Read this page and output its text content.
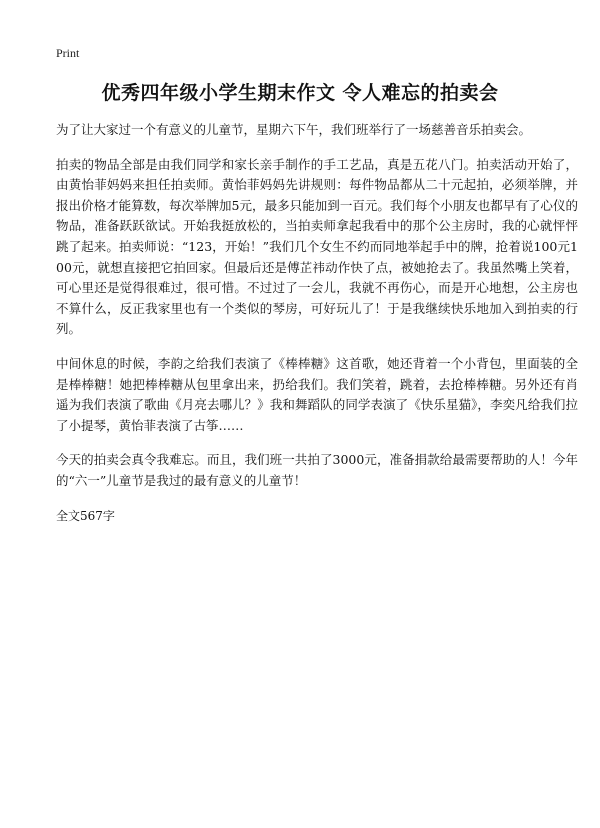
Print
优秀四年级小学生期末作文 令人难忘的拍卖会

为了让大家过一个有意义的儿童节，星期六下午，我们班举行了一场慈善音乐拍卖会。

拍卖的物品全部是由我们同学和家长亲手制作的手工艺品，真是五花八门。拍卖活动开始了，由黄怡菲妈妈来担任拍卖师。黄怡菲妈妈先讲规则：每件物品都从二十元起拍，必须举牌，并报出价格才能算数，每次举牌加5元，最多只能加到一百元。我们每个小朋友也都早有了心仪的物品，准备跃跃欲试。开始我挺放松的，当拍卖师拿起我看中的那个公主房时，我的心就怦怦跳了起来。拍卖师说：“123，开始！”我们几个女生不约而同地举起手中的牌，抢着说100元100元，就想直接把它拍回家。但最后还是傅芷祎动作快了点，被她抢去了。我虽然嘴上笑着，可心里还是觉得很难过，很可惜。不过过了一会儿，我就不再伤心，而是开心地想，公主房也不算什么，反正我家里也有一个类似的琴房，可好玩儿了！于是我继续快乐地加入到拍卖的行列。

中间休息的时候，李韵之给我们表演了《棒棒糖》这首歌，她还背着一个小背包，里面装的全是棒棒糖！她把棒棒糖从包里拿出来，扔给我们。我们笑着，跳着，去抢棒棒糖。另外还有肖遥为我们表演了歌曲《月亮去哪儿？》我和舞蹈队的同学表演了《快乐星猫》，李奕凡给我们拉了小提琴，黄怡菲表演了古筝……

今天的拍卖会真令我难忘。而且，我们班一共拍了3000元，准备捐款给最需要帮助的人！今年的“六一”儿童节是我过的最有意义的儿童节！

全文567字
